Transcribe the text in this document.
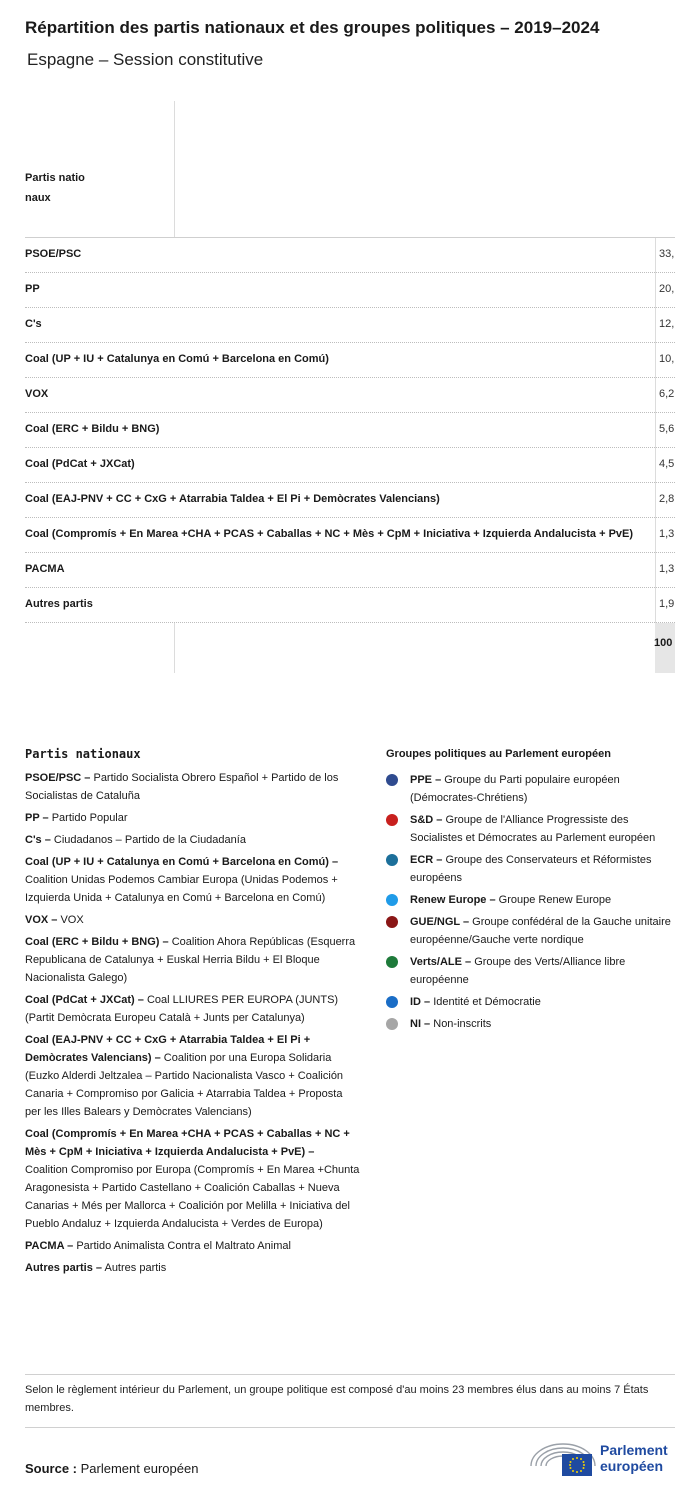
Répartition des partis nationaux et des groupes politiques – 2019–2024
Espagne – Session constitutive
Partis nationaux
PSOE/PSC	33,
PP	20,
C's	12,
Coal (UP + IU + Catalunya en Comú + Barcelona en Comú)	10,
VOX	6,2
Coal (ERC + Bildu + BNG)	5,6
Coal (PdCat + JXCat)	4,5
Coal (EAJ-PNV + CC + CxG + Atarrabia Taldea + El Pi + Demòcrates Valencians)	2,8
Coal (Compromís + En Marea +CHA + PCAS + Caballas + NC + Mès + CpM + Iniciativa + Izquierda Andalucista + PvE) 1,3
PACMA	1,3
Autres partis	1,9
100
Partis nationaux
PSOE/PSC – Partido Socialista Obrero Español + Partido de los Socialistas de Cataluña
PP – Partido Popular
C's – Ciudadanos – Partido de la Ciudadanía
Coal (UP + IU + Catalunya en Comú + Barcelona en Comú) – Coalition Unidas Podemos Cambiar Europa (Unidas Podemos + Izquierda Unida + Catalunya en Comú + Barcelona en Comú)
VOX – VOX
Coal (ERC + Bildu + BNG) – Coalition Ahora Repúblicas (Esquerra Republicana de Catalunya + Euskal Herria Bildu + El Bloque Nacionalista Galego)
Coal (PdCat + JXCat) – Coal LLIURES PER EUROPA (JUNTS) (Partit Demòcrata Europeu Català + Junts per Catalunya)
Coal (EAJ-PNV + CC + CxG + Atarrabia Taldea + El Pi + Demòcrates Valencians) – Coalition por una Europa Solidaria (Euzko Alderdi Jeltzalea – Partido Nacionalista Vasco + Coalición Canaria + Compromiso por Galicia + Atarrabia Taldea + Proposta per les Illes Balears y Demòcrates Valencians)
Coal (Compromís + En Marea +CHA + PCAS + Caballas + NC + Mès + CpM + Iniciativa + Izquierda Andalucista + PvE) – Coalition Compromiso por Europa (Compromís + En Marea +Chunta Aragonesista + Partido Castellano + Coalición Caballas + Nueva Canarias + Més per Mallorca + Coalición por Melilla + Iniciativa del Pueblo Andaluz + Izquierda Andalucista + Verdes de Europa)
PACMA – Partido Animalista Contra el Maltrato Animal
Autres partis – Autres partis
Groupes politiques au Parlement européen
PPE – Groupe du Parti populaire européen (Démocrates-Chrétiens)
S&D – Groupe de l'Alliance Progressiste des Socialistes et Démocrates au Parlement européen
ECR – Groupe des Conservateurs et Réformistes européens
Renew Europe – Groupe Renew Europe
GUE/NGL – Groupe confédéral de la Gauche unitaire européenne/Gauche verte nordique
Verts/ALE – Groupe des Verts/Alliance libre européenne
ID – Identité et Démocratie
NI – Non-inscrits
Selon le règlement intérieur du Parlement, un groupe politique est composé d'au moins 23 membres élus dans au moins 7 États membres.
Source : Parlement européen
Parlement
européen
